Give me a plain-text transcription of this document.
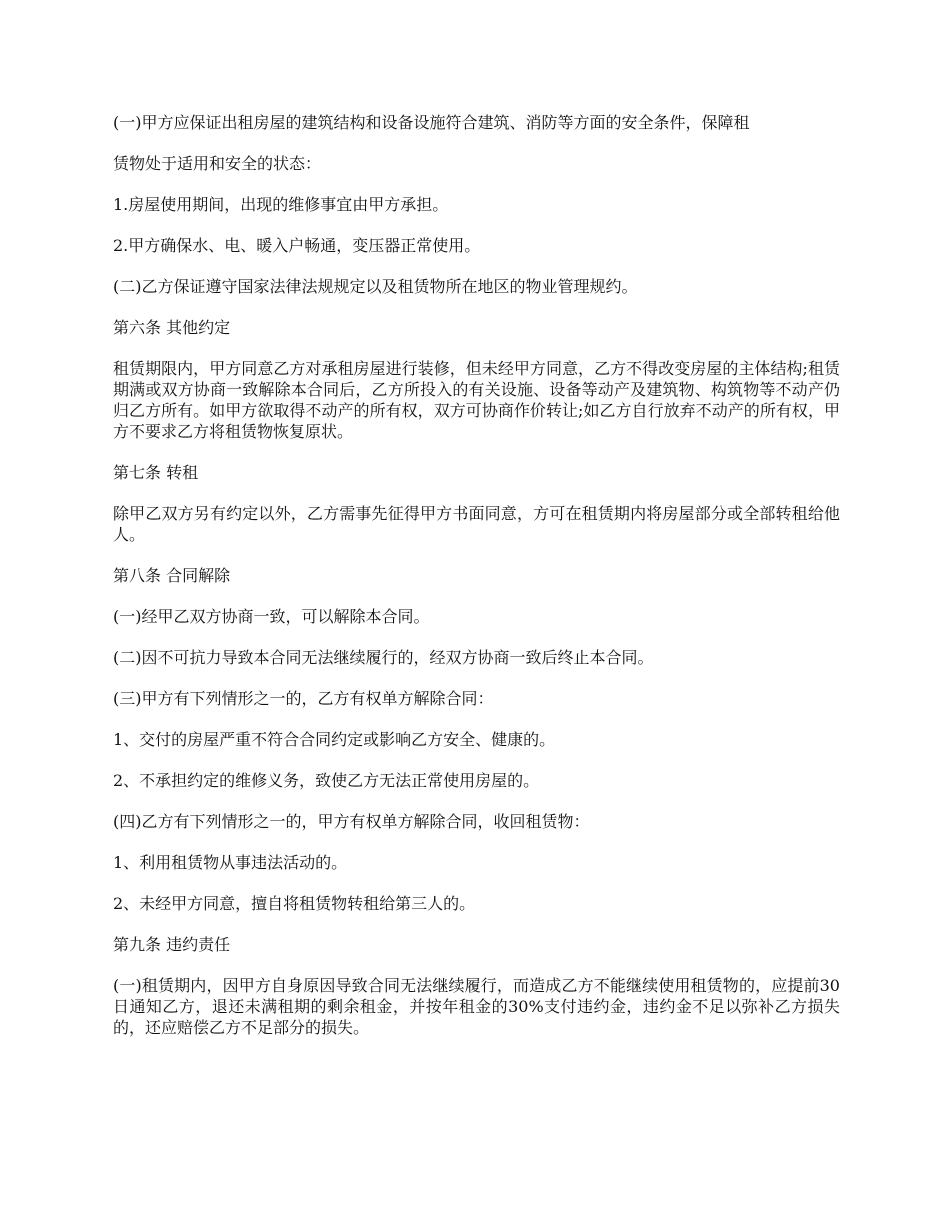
(一)甲方应保证出租房屋的建筑结构和设备设施符合建筑、消防等方面的安全条件，保障租

赁物处于适用和安全的状态：

1.房屋使用期间，出现的维修事宜由甲方承担。

2.甲方确保水、电、暖入户畅通，变压器正常使用。

(二)乙方保证遵守国家法律法规规定以及租赁物所在地区的物业管理规约。

第六条 其他约定

租赁期限内，甲方同意乙方对承租房屋进行装修，但未经甲方同意，乙方不得改变房屋的主体结构;租赁期满或双方协商一致解除本合同后，乙方所投入的有关设施、设备等动产及建筑物、构筑物等不动产仍归乙方所有。如甲方欲取得不动产的所有权，双方可协商作价转让;如乙方自行放弃不动产的所有权，甲方不要求乙方将租赁物恢复原状。

第七条 转租

除甲乙双方另有约定以外，乙方需事先征得甲方书面同意，方可在租赁期内将房屋部分或全部转租给他人。

第八条 合同解除

(一)经甲乙双方协商一致，可以解除本合同。

(二)因不可抗力导致本合同无法继续履行的，经双方协商一致后终止本合同。

(三)甲方有下列情形之一的，乙方有权单方解除合同：

1、交付的房屋严重不符合合同约定或影响乙方安全、健康的。

2、不承担约定的维修义务，致使乙方无法正常使用房屋的。

(四)乙方有下列情形之一的，甲方有权单方解除合同，收回租赁物：

1、利用租赁物从事违法活动的。

2、未经甲方同意，擅自将租赁物转租给第三人的。

第九条 违约责任

(一)租赁期内，因甲方自身原因导致合同无法继续履行，而造成乙方不能继续使用租赁物的，应提前30日通知乙方，退还未满租期的剩余租金，并按年租金的30%支付违约金，违约金不足以弥补乙方损失的，还应赔偿乙方不足部分的损失。
